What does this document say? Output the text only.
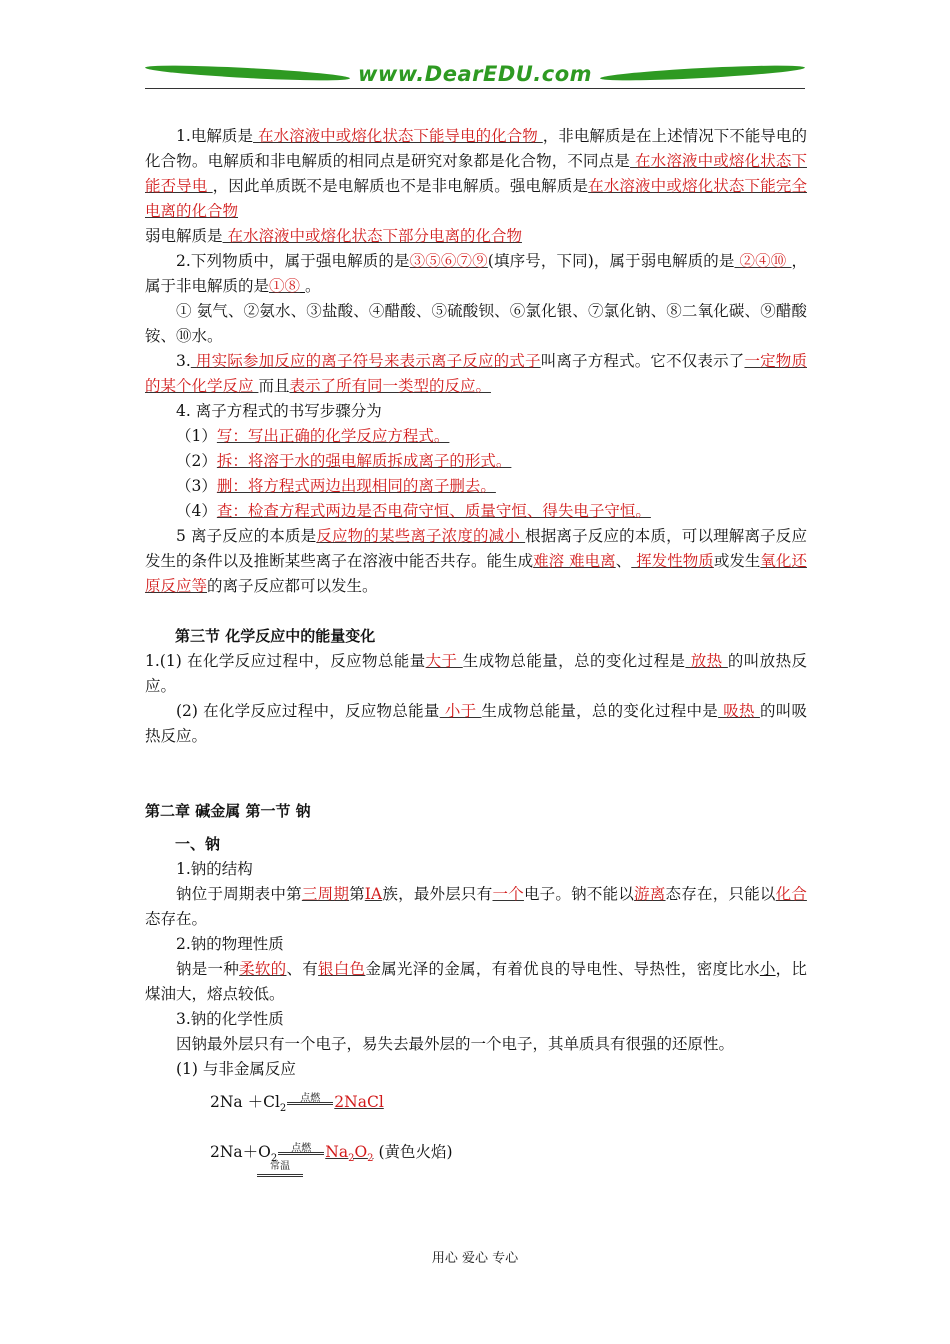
www.DearEDU.com

1.电解质是 在水溶液中或熔化状态下能导电的化合物 ，非电解质是在上述情况下不能导电的化合物。电解质和非电解质的相同点是研究对象都是化合物，不同点是 在水溶液中或熔化状态下能否导电 ，因此单质既不是电解质也不是非电解质。强电解质是在水溶液中或熔化状态下能完全电离的化合物
弱电解质是 在水溶液中或熔化状态下部分电离的化合物

2.下列物质中，属于强电解质的是③⑤⑥⑦⑨(填序号，下同)，属于弱电解质的是 ②④⑩ ，属于非电解质的是①⑧ 。

① 氨气、②氨水、③盐酸、④醋酸、⑤硫酸钡、⑥氯化银、⑦氯化钠、⑧二氧化碳、⑨醋酸铵、⑩水。

3. 用实际参加反应的离子符号来表示离子反应的式子叫离子方程式。它不仅表示了一定物质的某个化学反应 而且表示了所有同一类型的反应。

4. 离子方程式的书写步骤分为

（1）写：写出正确的化学反应方程式。

（2）拆：将溶于水的强电解质拆成离子的形式。

（3）删：将方程式两边出现相同的离子删去。

（4）查：检查方程式两边是否电荷守恒、质量守恒、得失电子守恒。

5 离子反应的本质是反应物的某些离子浓度的减小 根据离子反应的本质，可以理解离子反应发生的条件以及推断某些离子在溶液中能否共存。能生成难溶 难电离、 挥发性物质或发生氧化还原反应等的离子反应都可以发生。

第三节 化学反应中的能量变化

1.(1) 在化学反应过程中，反应物总能量大于 生成物总能量，总的变化过程是 放热 的叫放热反应。

(2) 在化学反应过程中，反应物总能量 小于 生成物总能量，总的变化过程中是 吸热 的叫吸热反应。

第二章 碱金属 第一节 钠

一、钠

1.钠的结构

钠位于周期表中第三周期第IA族，最外层只有一个电子。钠不能以游离态存在，只能以化合态存在。

2.钠的物理性质

钠是一种柔软的、有银白色金属光泽的金属，有着优良的导电性、导热性，密度比水小，比煤油大，熔点较低。

3.钠的化学性质

因钠最外层只有一个电子，易失去最外层的一个电子，其单质具有很强的还原性。

(1) 与非金属反应

$2Na +Cl_2$
点燃 2NaCl
$2Na+O_2$
点燃 $Na_2O_2$ (黄色火焰)
常温
用心 爱心 专心
